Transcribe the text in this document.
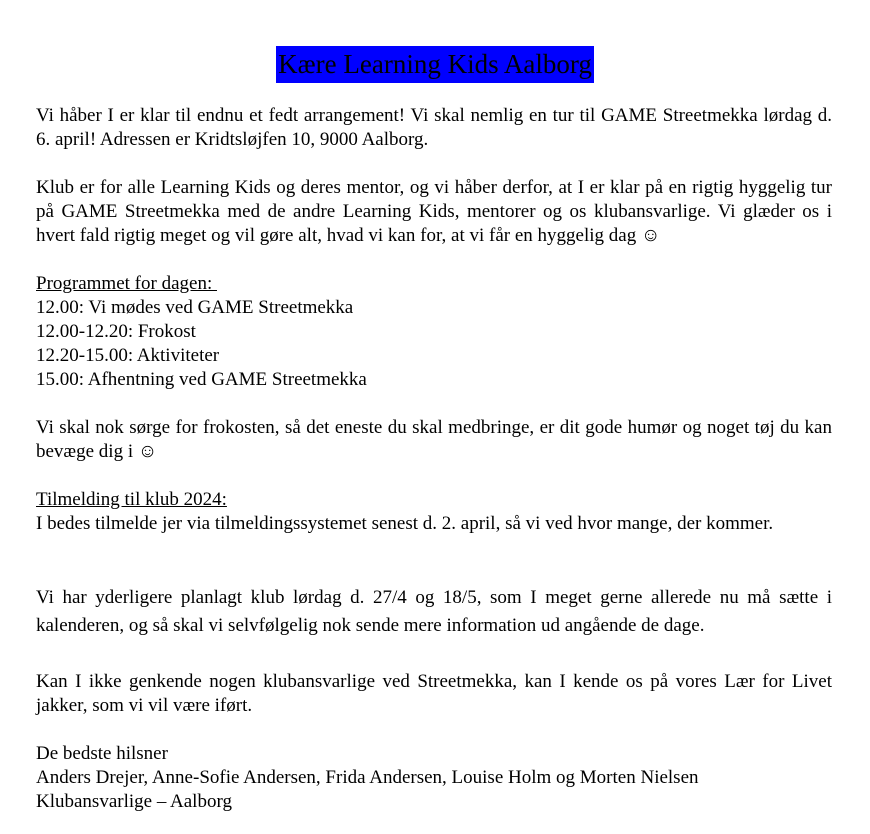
Kære Learning Kids Aalborg

Vi håber I er klar til endnu et fedt arrangement! Vi skal nemlig en tur til GAME Streetmekka lørdag d. 6. april! Adressen er Kridtsløjfen 10, 9000 Aalborg.

Klub er for alle Learning Kids og deres mentor, og vi håber derfor, at I er klar på en rigtig hyggelig tur på GAME Streetmekka med de andre Learning Kids, mentorer og os klubansvarlige. Vi glæder os i hvert fald rigtig meget og vil gøre alt, hvad vi kan for, at vi får en hyggelig dag ☺

Programmet for dagen:

12.00: Vi mødes ved GAME Streetmekka

12.00-12.20: Frokost

12.20-15.00: Aktiviteter

15.00: Afhentning ved GAME Streetmekka

Vi skal nok sørge for frokosten, så det eneste du skal medbringe, er dit gode humør og noget tøj du kan bevæge dig i ☺

Tilmelding til klub 2024:

I bedes tilmelde jer via tilmeldingssystemet senest d. 2. april, så vi ved hvor mange, der kommer.

Vi har yderligere planlagt klub lørdag d. 27/4 og 18/5, som I meget gerne allerede nu må sætte i kalenderen, og så skal vi selvfølgelig nok sende mere information ud angående de dage.

Kan I ikke genkende nogen klubansvarlige ved Streetmekka, kan I kende os på vores Lær for Livet jakker, som vi vil være iført.

De bedste hilsner

Anders Drejer, Anne-Sofie Andersen, Frida Andersen, Louise Holm og Morten Nielsen

Klubansvarlige – Aalborg
